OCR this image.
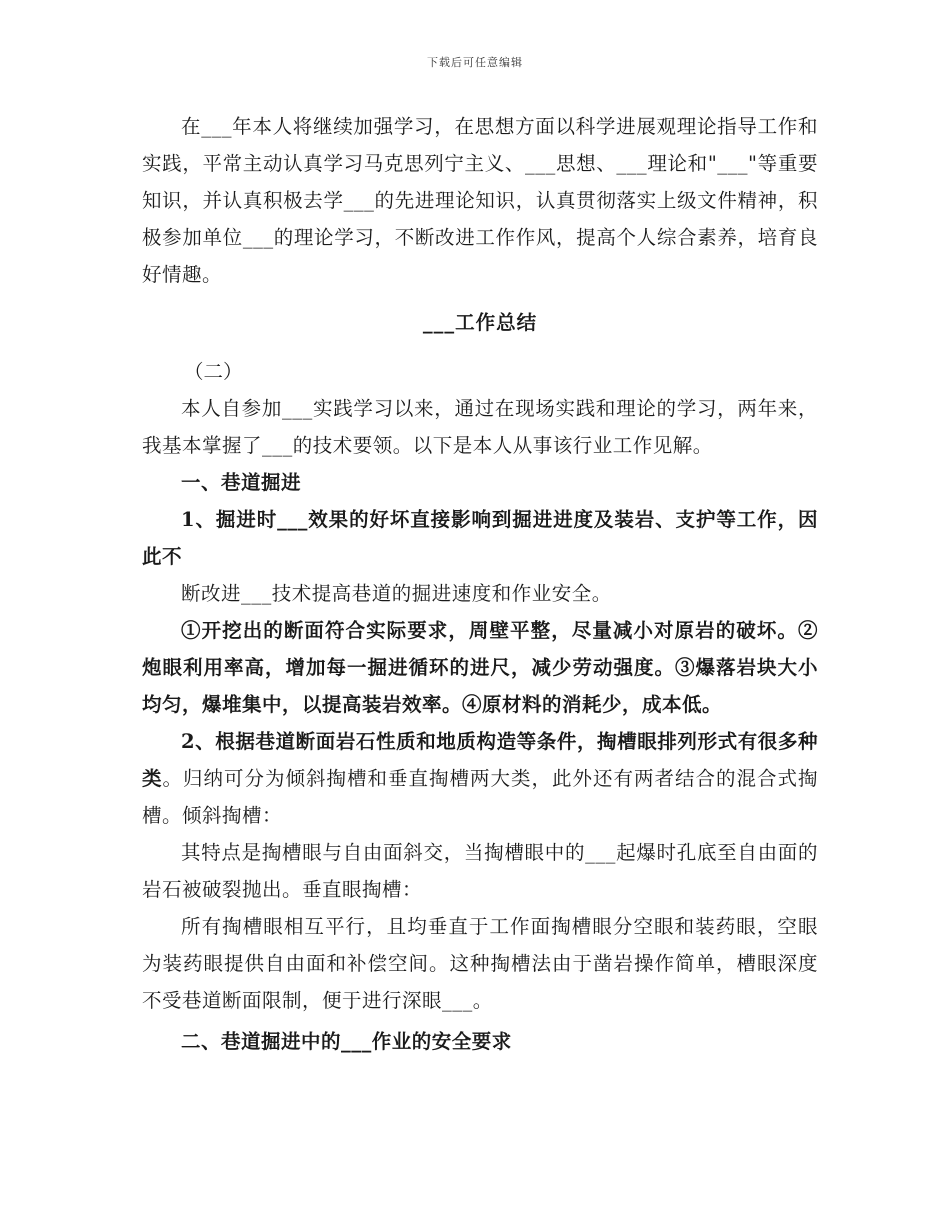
下载后可任意编辑

在___年本人将继续加强学习，在思想方面以科学进展观理论指导工作和实践，平常主动认真学习马克思列宁主义、___思想、___理论和"___"等重要知识，并认真积极去学___的先进理论知识，认真贯彻落实上级文件精神，积极参加单位___的理论学习，不断改进工作作风，提高个人综合素养，培育良好情趣。

___工作总结

（二）

本人自参加___实践学习以来，通过在现场实践和理论的学习，两年来，我基本掌握了___的技术要领。以下是本人从事该行业工作见解。

一、巷道掘进

1、掘进时___效果的好坏直接影响到掘进进度及装岩、支护等工作，因此不

断改进___技术提高巷道的掘进速度和作业安全。

①开挖出的断面符合实际要求，周壁平整，尽量减小对原岩的破坏。②炮眼利用率高，增加每一掘进循环的进尺，减少劳动强度。③爆落岩块大小均匀，爆堆集中，以提高装岩效率。④原材料的消耗少，成本低。

2、根据巷道断面岩石性质和地质构造等条件，掏槽眼排列形式有很多种类。归纳可分为倾斜掏槽和垂直掏槽两大类，此外还有两者结合的混合式掏槽。倾斜掏槽：

其特点是掏槽眼与自由面斜交，当掏槽眼中的___起爆时孔底至自由面的岩石被破裂抛出。垂直眼掏槽：

所有掏槽眼相互平行，且均垂直于工作面掏槽眼分空眼和装药眼，空眼为装药眼提供自由面和补偿空间。这种掏槽法由于凿岩操作简单，槽眼深度不受巷道断面限制，便于进行深眼___。

二、巷道掘进中的___作业的安全要求
